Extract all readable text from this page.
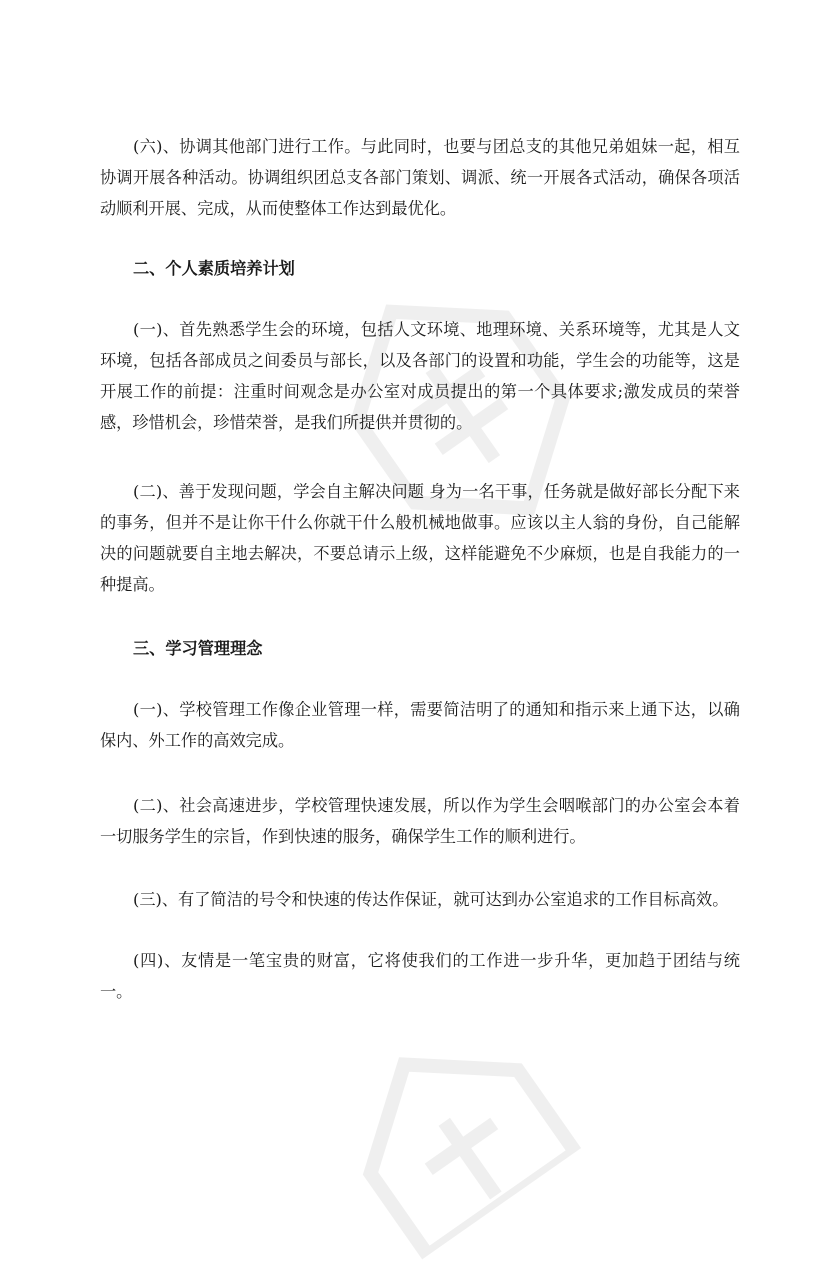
(六)、协调其他部门进行工作。与此同时，也要与团总支的其他兄弟姐妹一起，相互协调开展各种活动。协调组织团总支各部门策划、调派、统一开展各式活动，确保各项活动顺利开展、完成，从而使整体工作达到最优化。

二、个人素质培养计划

(一)、首先熟悉学生会的环境，包括人文环境、地理环境、关系环境等，尤其是人文环境，包括各部成员之间委员与部长，以及各部门的设置和功能，学生会的功能等，这是开展工作的前提：注重时间观念是办公室对成员提出的第一个具体要求;激发成员的荣誉感，珍惜机会，珍惜荣誉，是我们所提供并贯彻的。

(二)、善于发现问题，学会自主解决问题 身为一名干事，任务就是做好部长分配下来的事务，但并不是让你干什么你就干什么般机械地做事。应该以主人翁的身份，自己能解决的问题就要自主地去解决，不要总请示上级，这样能避免不少麻烦，也是自我能力的一种提高。

三、学习管理理念

(一)、学校管理工作像企业管理一样，需要简洁明了的通知和指示来上通下达，以确保内、外工作的高效完成。

(二)、社会高速进步，学校管理快速发展，所以作为学生会咽喉部门的办公室会本着一切服务学生的宗旨，作到快速的服务，确保学生工作的顺利进行。

(三)、有了简洁的号令和快速的传达作保证，就可达到办公室追求的工作目标高效。

(四)、友情是一笔宝贵的财富，它将使我们的工作进一步升华，更加趋于团结与统一。
